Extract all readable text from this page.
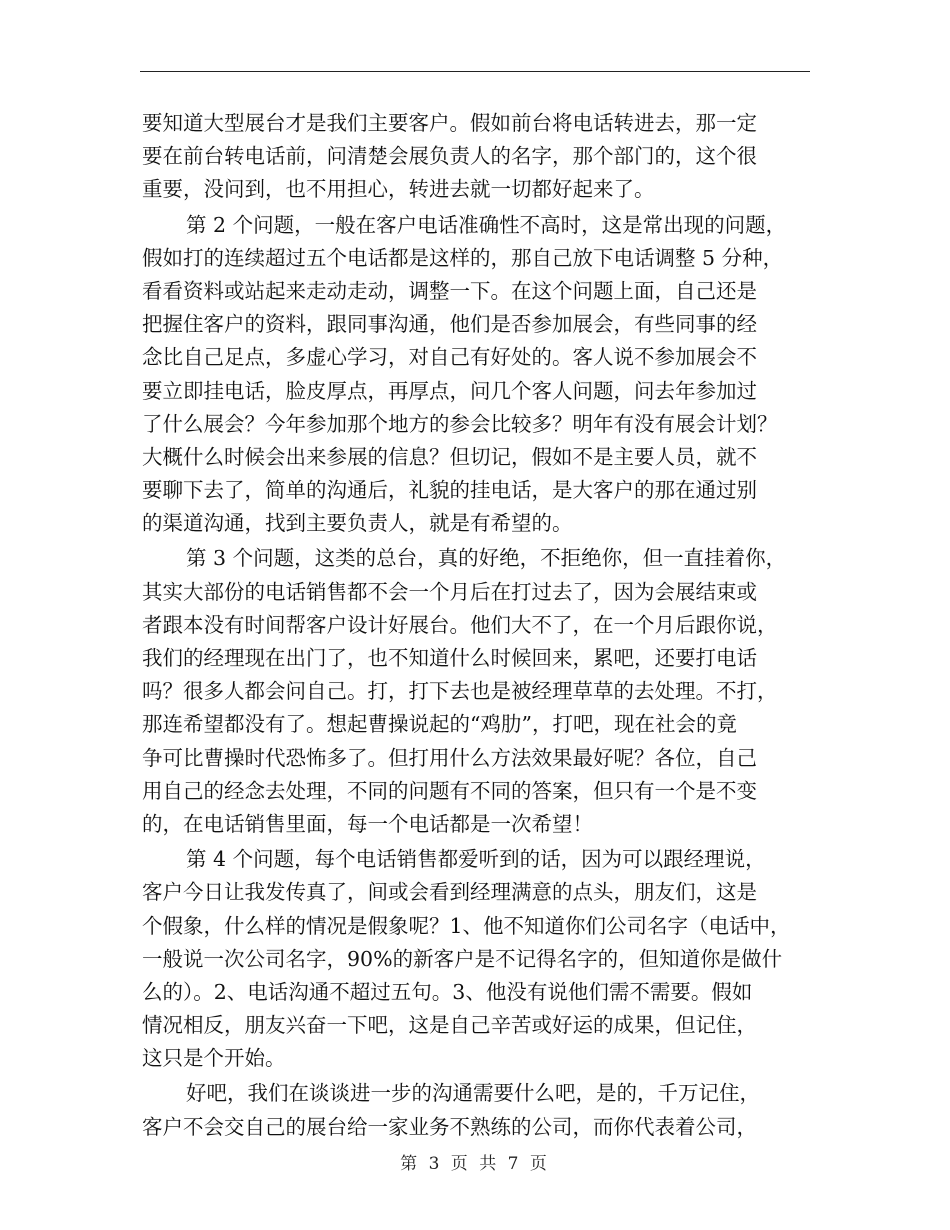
要知道大型展台才是我们主要客户。假如前台将电话转进去，那一定
要在前台转电话前，问清楚会展负责人的名字，那个部门的，这个很
重要，没问到，也不用担心，转进去就一切都好起来了。
第 2 个问题，一般在客户电话准确性不高时，这是常出现的问题，
假如打的连续超过五个电话都是这样的，那自己放下电话调整 5 分种，
看看资料或站起来走动走动，调整一下。在这个问题上面，自己还是
把握住客户的资料，跟同事沟通，他们是否参加展会，有些同事的经
念比自己足点，多虚心学习，对自己有好处的。客人说不参加展会不
要立即挂电话，脸皮厚点，再厚点，问几个客人问题，问去年参加过
了什么展会？今年参加那个地方的参会比较多？明年有没有展会计划？
大概什么时候会出来参展的信息？但切记，假如不是主要人员，就不
要聊下去了，简单的沟通后，礼貌的挂电话，是大客户的那在通过别
的渠道沟通，找到主要负责人，就是有希望的。
第 3 个问题，这类的总台，真的好绝，不拒绝你，但一直挂着你，
其实大部份的电话销售都不会一个月后在打过去了，因为会展结束或
者跟本没有时间帮客户设计好展台。他们大不了，在一个月后跟你说，
我们的经理现在出门了，也不知道什么时候回来，累吧，还要打电话
吗？很多人都会问自己。打，打下去也是被经理草草的去处理。不打，
那连希望都没有了。想起曹操说起的“鸡肋”，打吧，现在社会的竟
争可比曹操时代恐怖多了。但打用什么方法效果最好呢？各位，自己
用自己的经念去处理，不同的问题有不同的答案，但只有一个是不变
的，在电话销售里面，每一个电话都是一次希望！
第 4 个问题，每个电话销售都爱听到的话，因为可以跟经理说，
客户今日让我发传真了，间或会看到经理满意的点头，朋友们，这是
个假象，什么样的情况是假象呢？1、他不知道你们公司名字（电话中，
一般说一次公司名字，90%的新客户是不记得名字的，但知道你是做什
么的）。2、电话沟通不超过五句。3、他没有说他们需不需要。假如
情况相反，朋友兴奋一下吧，这是自己辛苦或好运的成果，但记住，
这只是个开始。
好吧，我们在谈谈进一步的沟通需要什么吧，是的，千万记住，
客户不会交自己的展台给一家业务不熟练的公司，而你代表着公司，
第 3 页 共 7 页
